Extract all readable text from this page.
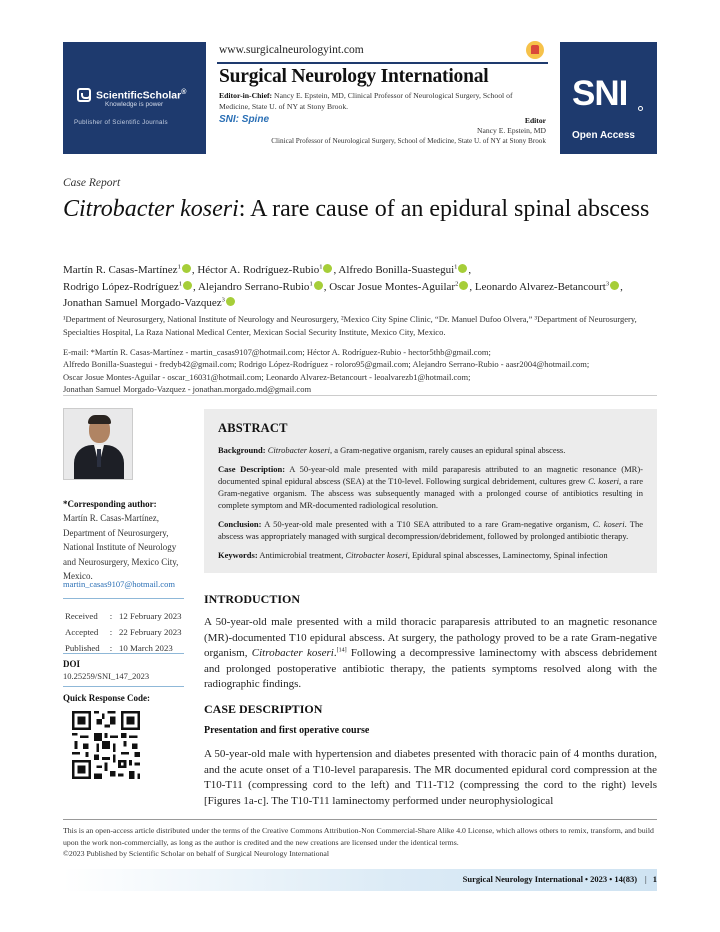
ScientificScholar®
Knowledge is power
Publisher of Scientific Journals
www.surgicalneurologyint.com
Surgical Neurology International
Editor-in-Chief: Nancy E. Epstein, MD, Clinical Professor of Neurological Surgery, School of Medicine, State U. of NY at Stony Brook.
SNI: Spine	Editor
Nancy E. Epstein, MD
Clinical Professor of Neurological Surgery, School of Medicine, State U. of NY at Stony Brook
SNI
Open Access
Case Report
Citrobacter koseri: A rare cause of an epidural spinal abscess
Martín R. Casas-Martínez$^1$ , Héctor A. Rodríguez-Rubio$^1$ , Alfredo Bonilla-Suastegui$^1$ ,
Rodrigo López-Rodríguez$^1$ , Alejandro Serrano-Rubio$^1$ , Oscar Josue Montes-Aguilar$^2$ , Leonardo Alvarez-Betancourt$^3$ ,
Jonathan Samuel Morgado-Vazquez$^3$
¹Department of Neurosurgery, National Institute of Neurology and Neurosurgery, ²Mexico City Spine Clinic, “Dr. Manuel Dufoo Olvera,” ³Department of Neurosurgery, Specialties Hospital, La Raza National Medical Center, Mexican Social Security Institute, Mexico City, Mexico.
E-mail: *Martín R. Casas-Martínez - martin_casas9107@hotmail.com; Héctor A. Rodríguez-Rubio - hector5thb@gmail.com;
Alfredo Bonilla-Suastegui - fredyb42@gmail.com; Rodrigo López-Rodríguez - roloro95@gmail.com; Alejandro Serrano-Rubio - aasr2004@hotmail.com;
Oscar Josue Montes-Aguilar - oscar_16031@hotmail.com; Leonardo Alvarez-Betancourt - leoalvarezb1@hotmail.com;
Jonathan Samuel Morgado-Vazquez - jonathan.morgado.md@gmail.com
*Corresponding author:
Martín R. Casas-Martínez,
Department of Neurosurgery,
National Institute of Neurology
and Neurosurgery, Mexico City,
Mexico.
martin_casas9107@hotmail.com
Received	:	12 February 2023
Accepted	:	22 February 2023
Published	:	10 March 2023
DOI
10.25259/SNI_147_2023
Quick Response Code:
ABSTRACT

Background: Citrobacter koseri, a Gram-negative organism, rarely causes an epidural spinal abscess.

Case Description: A 50-year-old male presented with mild paraparesis attributed to an magnetic resonance (MR)-documented spinal epidural abscess (SEA) at the T10-level. Following surgical debridement, cultures grew C. koseri, a rare Gram-negative organism. The abscess was subsequently managed with a prolonged course of antibiotics resulting in complete symptom and MR-documented radiological resolution.

Conclusion: A 50-year-old male presented with a T10 SEA attributed to a rare Gram-negative organism, C. koseri. The abscess was appropriately managed with surgical decompression/debridement, followed by prolonged antibiotic therapy.

Keywords: Antimicrobial treatment, Citrobacter koseri, Epidural spinal abscesses, Laminectomy, Spinal infection

INTRODUCTION
A 50-year-old male presented with a mild thoracic paraparesis attributed to an magnetic resonance (MR)-documented T10 epidural abscess. At surgery, the pathology proved to be a rate Gram-negative organism, Citrobacter koseri.[14] Following a decompressive laminectomy with abscess debridement and prolonged postoperative antibiotic therapy, the patients symptoms resolved along with the radiographic findings.
CASE DESCRIPTION
Presentation and first operative course
A 50-year-old male with hypertension and diabetes presented with thoracic pain of 4 months duration, and the acute onset of a T10-level paraparesis. The MR documented epidural cord compression at the T10-T11 (compressing cord to the left) and T11-T12 (compressing the cord to the right) levels [Figures 1a-c]. The T10-T11 laminectomy performed under neurophysiological
This is an open-access article distributed under the terms of the Creative Commons Attribution-Non Commercial-Share Alike 4.0 License, which allows others to remix, transform, and build upon the work non-commercially, as long as the author is credited and the new creations are licensed under the identical terms.
©2023 Published by Scientific Scholar on behalf of Surgical Neurology International
Surgical Neurology International • 2023 • 14(83) | 1
